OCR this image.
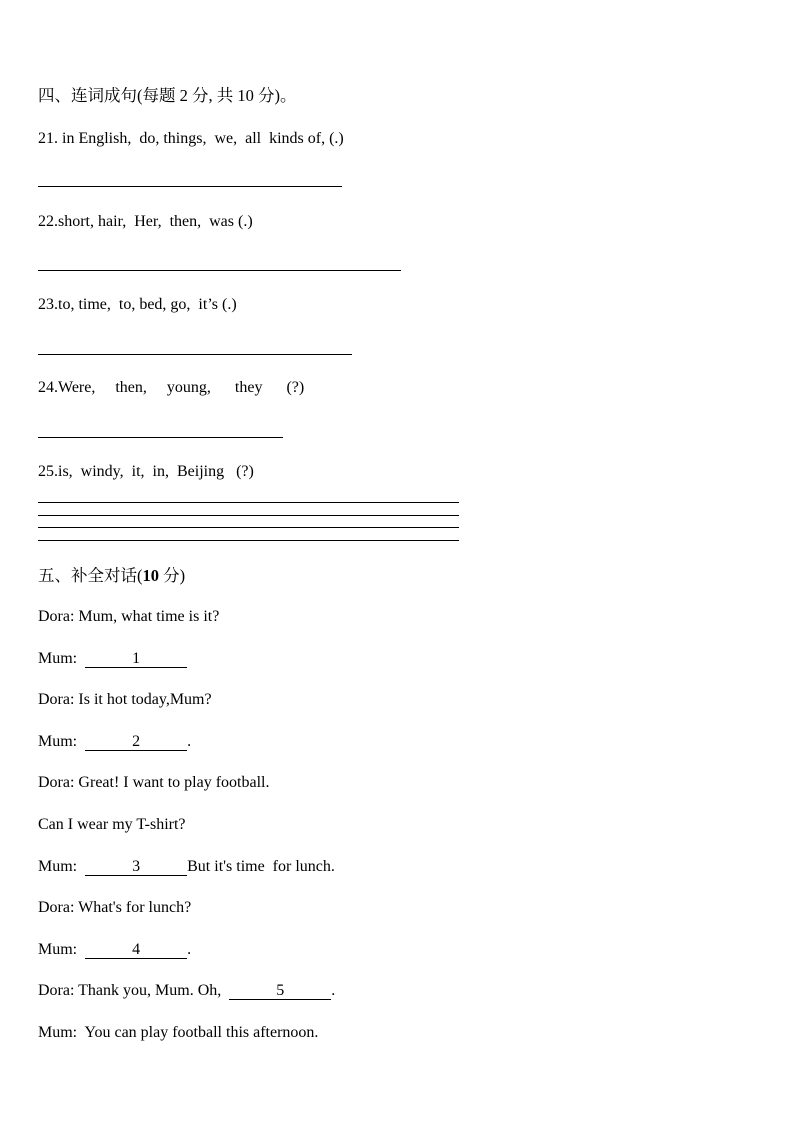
四、连词成句(每题 2 分, 共 10 分)。
21. in English,  do, things,  we,  all  kinds of, (.)
22.short, hair,  Her,  then,  was (.)
23.to, time,  to, bed, go,  it’s (.)
24.Were,     then,     young,      they      (?)
25.is,  windy,  it,  in,  Beijing   (?)
五、补全对话(10 分)
Dora: Mum, what time is it?
Mum:	1
Dora: Is it hot today,Mum?
Mum:	2	.
Dora: Great! I want to play football.
Can I wear my T-shirt?
Mum:	3	But it's time  for lunch.
Dora: What's for lunch?
Mum:	4	.
Dora: Thank you, Mum. Oh,	5	.
Mum:  You can play football this afternoon.
